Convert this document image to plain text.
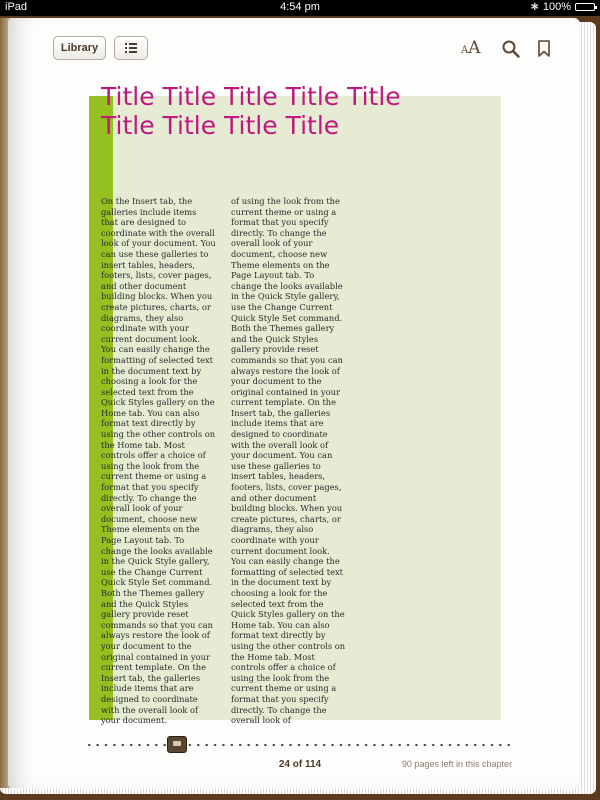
iPad	4:54 pm	✱ 100%
Library	AA
TITLE
Title Title Title Title Title Title Title Title Title
On the Insert tab, the galleries include items that are designed to coordinate with the overall look of your document. You can use these galleries to insert tables, headers, footers, lists, cover pages, and other document building blocks. When you create pictures, charts, or diagrams, they also coordinate with your current document look. You can easily change the formatting of selected text in the document text by choosing a look for the selected text from the Quick Styles gallery on the Home tab. You can also format text directly by using the other controls on the Home tab. Most controls offer a choice of using the look from the current theme or using a format that you specify directly. To change the overall look of your document, choose new Theme elements on the Page Layout tab. To change the looks available in the Quick Style gallery, use the Change Current Quick Style Set command. Both the Themes gallery and the Quick Styles gallery provide reset commands so that you can always restore the look of your document to the original contained in your current template. On the Insert tab, the galleries include items that are designed to coordinate with the overall look of your document.
of using the look from the current theme or using a format that you specify directly. To change the overall look of your document, choose new Theme elements on the Page Layout tab. To change the looks available in the Quick Style gallery, use the Change Current Quick Style Set command. Both the Themes gallery and the Quick Styles gallery provide reset commands so that you can always restore the look of your document to the original contained in your current template. On the Insert tab, the galleries include items that are designed to coordinate with the overall look of your document. You can use these galleries to insert tables, headers, footers, lists, cover pages, and other document building blocks. When you create pictures, charts, or diagrams, they also coordinate with your current document look. You can easily change the formatting of selected text in the document text by choosing a look for the selected text from the Quick Styles gallery on the Home tab. You can also format text directly by using the other controls on the Home tab. Most controls offer a choice of using the look from the current theme or using a format that you specify directly. To change the overall look of
24 of 114	90 pages left in this chapter
